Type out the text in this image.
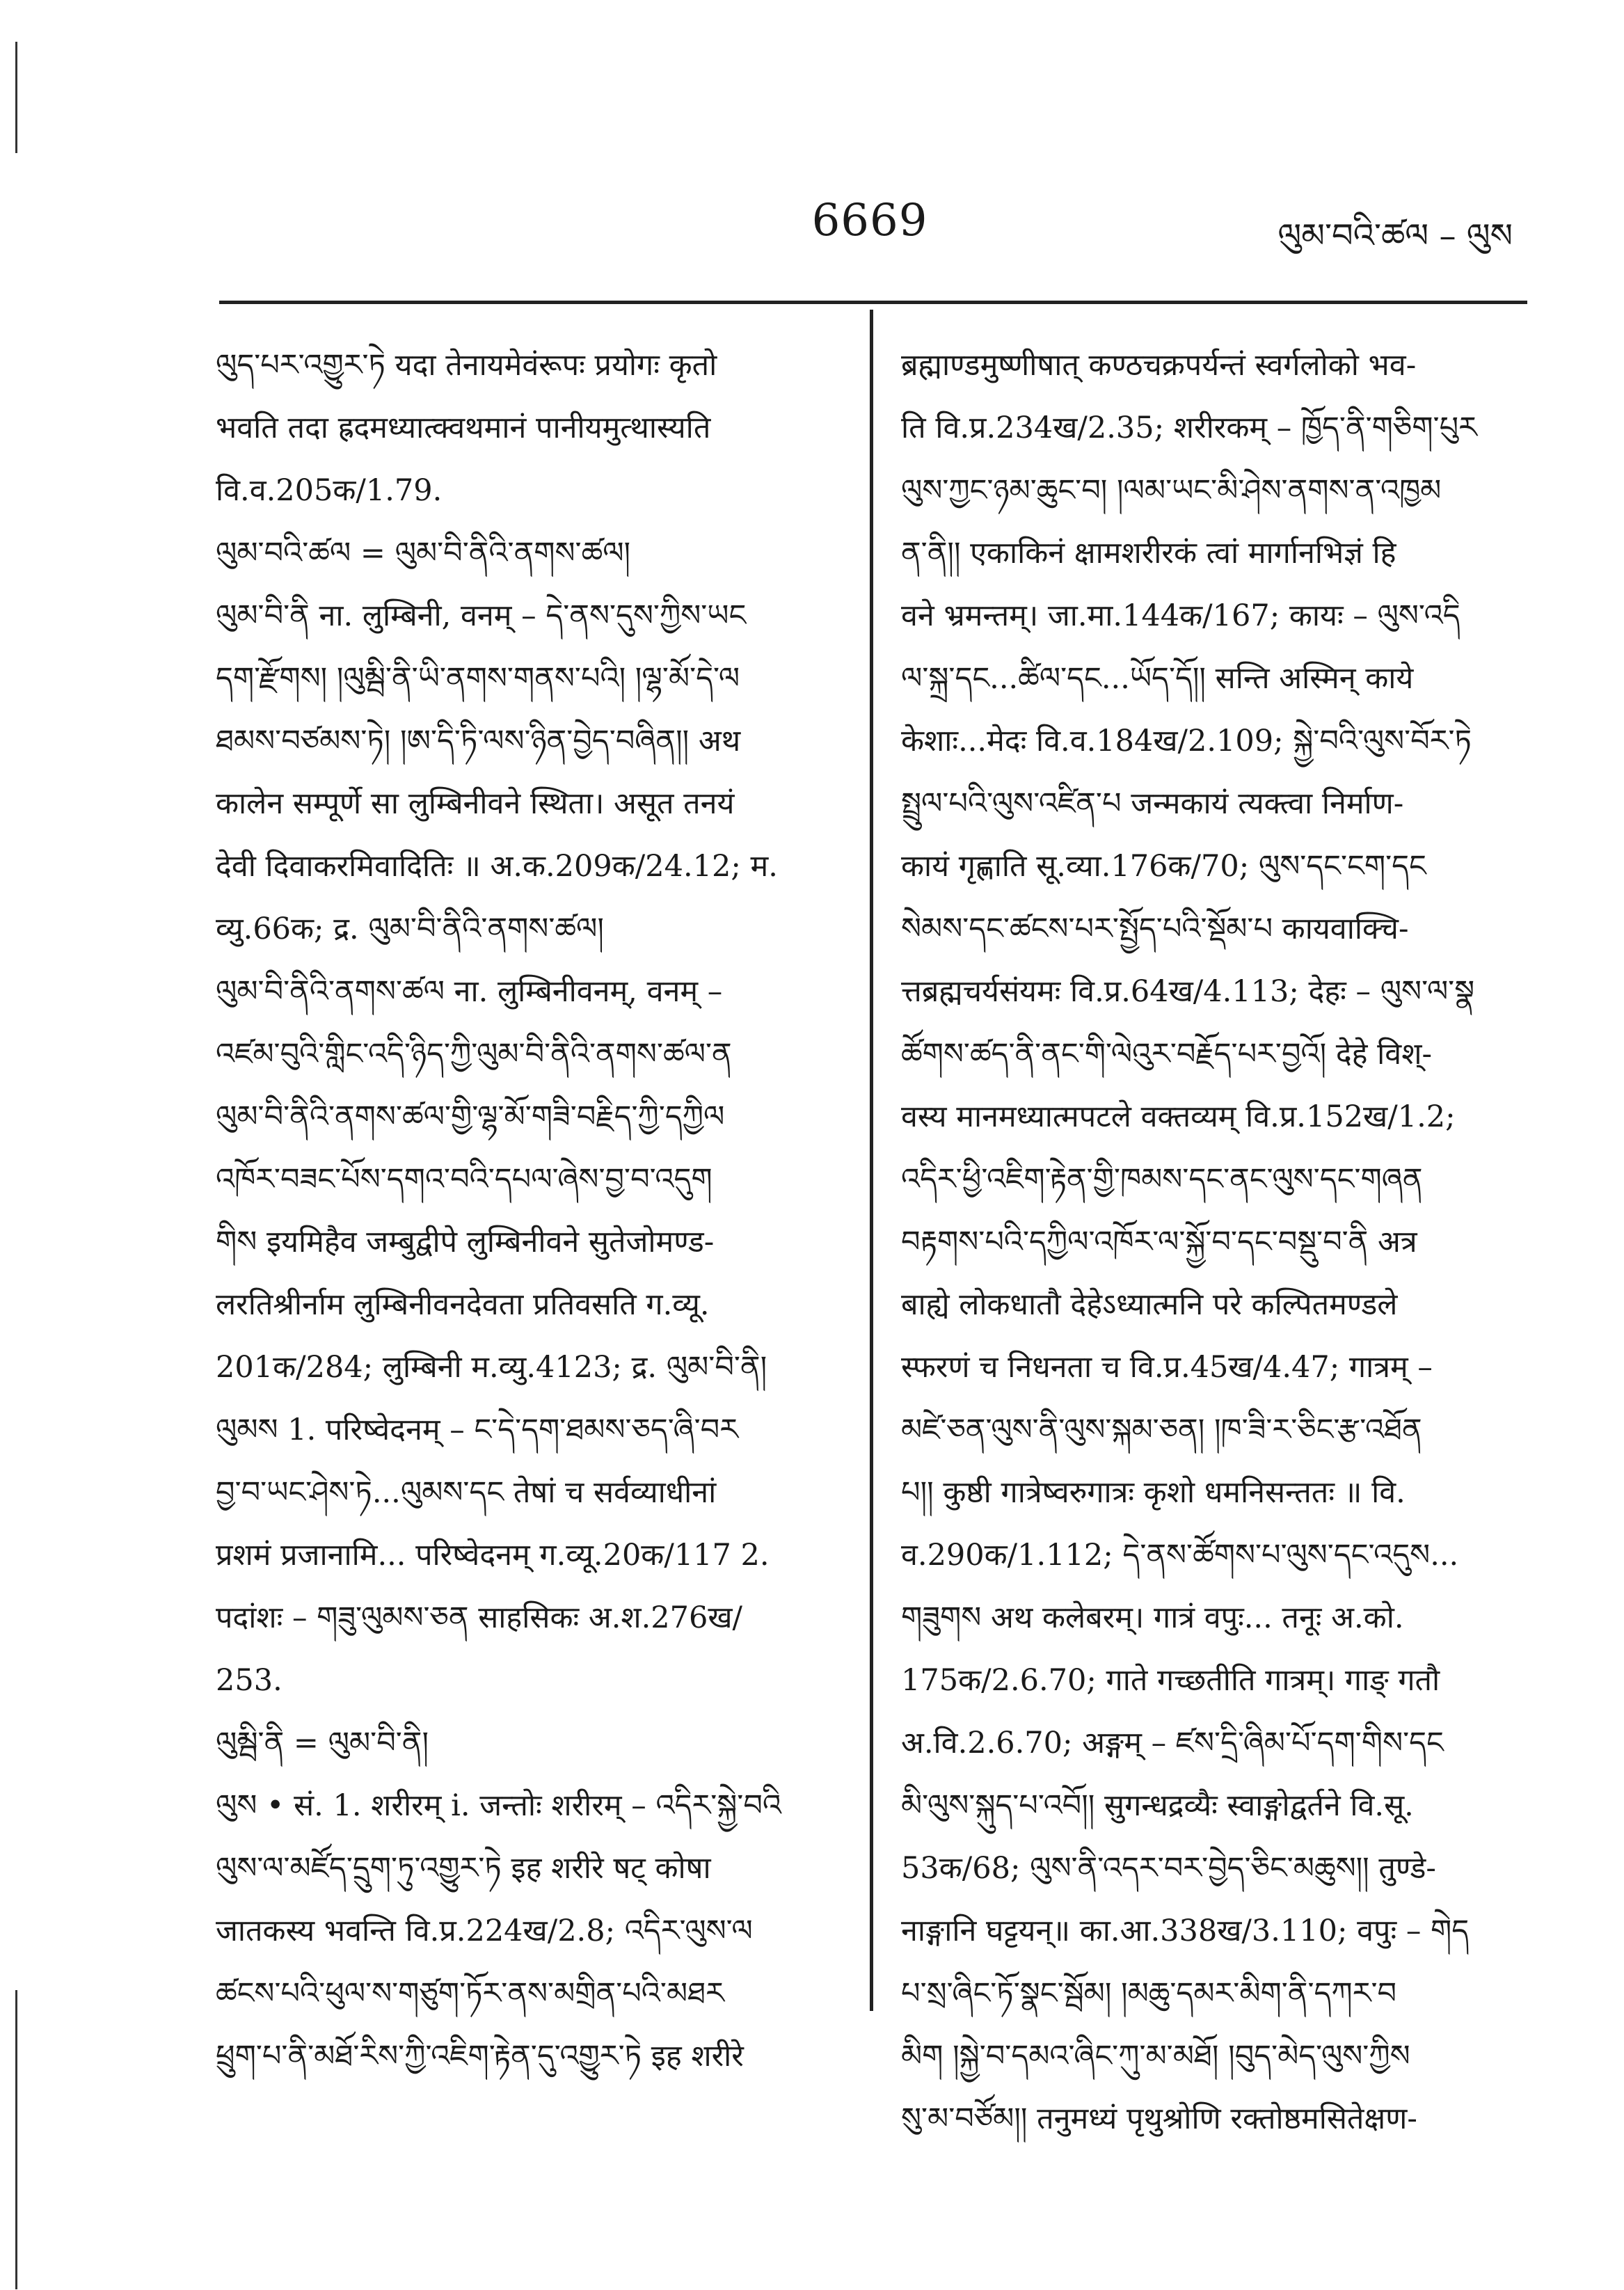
6669	ལུམ་བའི་ཚལ – ལུས
ལུད་པར་འགྱུར་ཏེ यदा तेनायमेवंरूपः प्रयोगः कृतो
भवति तदा ह्रदमध्यात्क्वथमानं पानीयमुत्थास्यति
वि.व.205क/1.79.
ལུམ་བའི་ཚལ = ལུམ་བི་ནིའི་ནགས་ཚལ།
ལུམ་བི་ནི ना. लुम्बिनी, वनम् – དེ་ནས་དུས་ཀྱིས་ཡང
དག་རྫོགས། །ལུམྦི་ནི་ཡི་ནགས་གནས་པའི། །ལྷ་མོ་དེ་ལ
ཐམས་བཙམས་ཏེ། །ཨ་དི་ཏི་ལས་ཉིན་བྱེད་བཞིན།། अथ
कालेन सम्पूर्णे सा लुम्बिनीवने स्थिता। असूत तनयं
देवी दिवाकरमिवादितिः ॥ अ.क.209क/24.12; म.
व्यु.66क; द्र. ལུམ་བི་ནིའི་ནགས་ཚལ།
ལུམ་བི་ནིའི་ནགས་ཚལ ना. लुम्बिनीवनम्, वनम् –
འཛམ་བུའི་གླིང་འདི་ཉིད་ཀྱི་ལུམ་བི་ནིའི་ནགས་ཚལ་ན
ལུམ་བི་ནིའི་ནགས་ཚལ་གྱི་ལྷ་མོ་གཟི་བརྗིད་ཀྱི་དཀྱིལ
འཁོར་བཟང་པོས་དགའ་བའི་དཔལ་ཞེས་བྱ་བ་འདུག
གིས इयमिहैव जम्बुद्वीपे लुम्बिनीवने सुतेजोमण्ड-
लरतिश्रीर्नाम लुम्बिनीवनदेवता प्रतिवसति ग.व्यू.
201क/284; लुम्बिनी म.व्यु.4123; द्र. ལུམ་བི་ནི།
ལུམས 1. परिष्वेदनम् – ང་དེ་དག་ཐམས་ཅད་ཞི་བར
བྱ་བ་ཡང་ཤེས་ཏེ...ལུམས་དང तेषां च सर्वव्याधीनां
प्रशमं प्रजानामि... परिष्वेदनम् ग.व्यू.20क/117 2.
पदांशः – གཟུ་ལུམས་ཅན साहसिकः अ.श.276ख/
253.
ལུམྦི་ནི = ལུམ་བི་ནི།
ལུས • सं. 1. शरीरम् i. जन्तोः शरीरम् – འདིར་སྐྱེ་བའི
ལུས་ལ་མཛོད་དྲུག་ཏུ་འགྱུར་ཏེ इह शरीरे षट् कोषा
जातकस्य भवन्ति वि.प्र.224ख/2.8; འདིར་ལུས་ལ
ཚངས་པའི་ཕུལ་ས་གཙུག་ཏོར་ནས་མགྲིན་པའི་མཐར
ཕྲུག་པ་ནི་མཐོ་རིས་ཀྱི་འཇིག་རྟེན་དུ་འགྱུར་ཏེ इह शरीरे
ब्रह्माण्डमुष्णीषात् कण्ठचक्रपर्यन्तं स्वर्गलोको भव-
ति वि.प्र.234ख/2.35; शरीरकम् – ཁྱོད་ནི་གཅིག་པུར
ལུས་ཀྱང་ཉམ་ཆུང་བ། །ལམ་ཡང་མི་ཤེས་ནགས་ན་འཁྱམ
ན་ནི།། एकाकिनं क्षामशरीरकं त्वां मार्गानभिज्ञं हि
वने भ्रमन्तम्। जा.मा.144क/167; कायः – ལུས་འདི
ལ་སྐྲ་དང...ཚིལ་དང...ཡོད་དོ།། सन्ति अस्मिन् काये
केशाः...मेदः वि.व.184ख/2.109; སྐྱེ་བའི་ལུས་བོར་ཏེ
སྤྲུལ་པའི་ལུས་འཛིན་པ जन्मकायं त्यक्त्वा निर्माण-
कायं गृह्णाति सू.व्या.176क/70; ལུས་དང་ངག་དང
སེམས་དང་ཚངས་པར་སྤྱོད་པའི་སྡོམ་པ कायवाक्चि-
त्तब्रह्मचर्यसंयमः वि.प्र.64ख/4.113; देहः – ལུས་ལ་སྣ
ཚོགས་ཚད་ནི་ནང་གི་ལེའུར་བརྗོད་པར་བྱའོ། देहे विश्-
वस्य मानमध्यात्मपटले वक्तव्यम् वि.प्र.152ख/1.2;
འདིར་ཕྱི་འཇིག་རྟེན་གྱི་ཁམས་དང་ནང་ལུས་དང་གཞན
བརྟགས་པའི་དཀྱིལ་འཁོར་ལ་སྐྱོ་བ་དང་བསྡུ་བ་ནི अत्र
बाह्ये लोकधातौ देहेऽध्यात्मनि परे कल्पितमण्डले
स्फरणं च निधनता च वि.प्र.45ख/4.47; गात्रम् –
མཛེ་ཅན་ལུས་ནི་ལུས་སྐམ་ཅན། །ཁ་ཟི་ར་ཅིང་རྩ་འཐོན
པ།། कुष्ठी गात्रेष्वरुगात्रः कृशो धमनिसन्ततः ॥ वि.
व.290क/1.112; དེ་ནས་ཚོགས་པ་ལུས་དང་འདུས...
གཟུགས अथ कलेबरम्। गात्रं वपुः... तनूः अ.को.
175क/2.6.70; गाते गच्छतीति गात्रम्। गाङ् गतौ
अ.वि.2.6.70; अङ्गम् – ཛས་དྲི་ཞིམ་པོ་དག་གིས་དང
མི་ལུས་སྐུད་པ་འབོ།། सुगन्धद्रव्यैः स्वाङ्गोद्वर्तने वि.सू.
53क/68; ལུས་ནི་འདར་བར་བྱེད་ཅིང་མཆུས།། तुण्डे-
नाङ्गानि घट्टयन्॥ का.आ.338ख/3.110; वपुः – གེད
པ་སྲ་ཞིང་ཏོ་སྣང་སྦོམ། །མཆུ་དམར་མིག་ནི་དཀར་བ
མིག །སྐྱེ་བ་དམའ་ཞིང་ཀུ་མ་མཐོ། །བུད་མེད་ལུས་ཀྱིས
སུ་མ་བཙོམ།། तनुमध्यं पृथुश्रोणि रक्तोष्ठमसितेक्षण-
